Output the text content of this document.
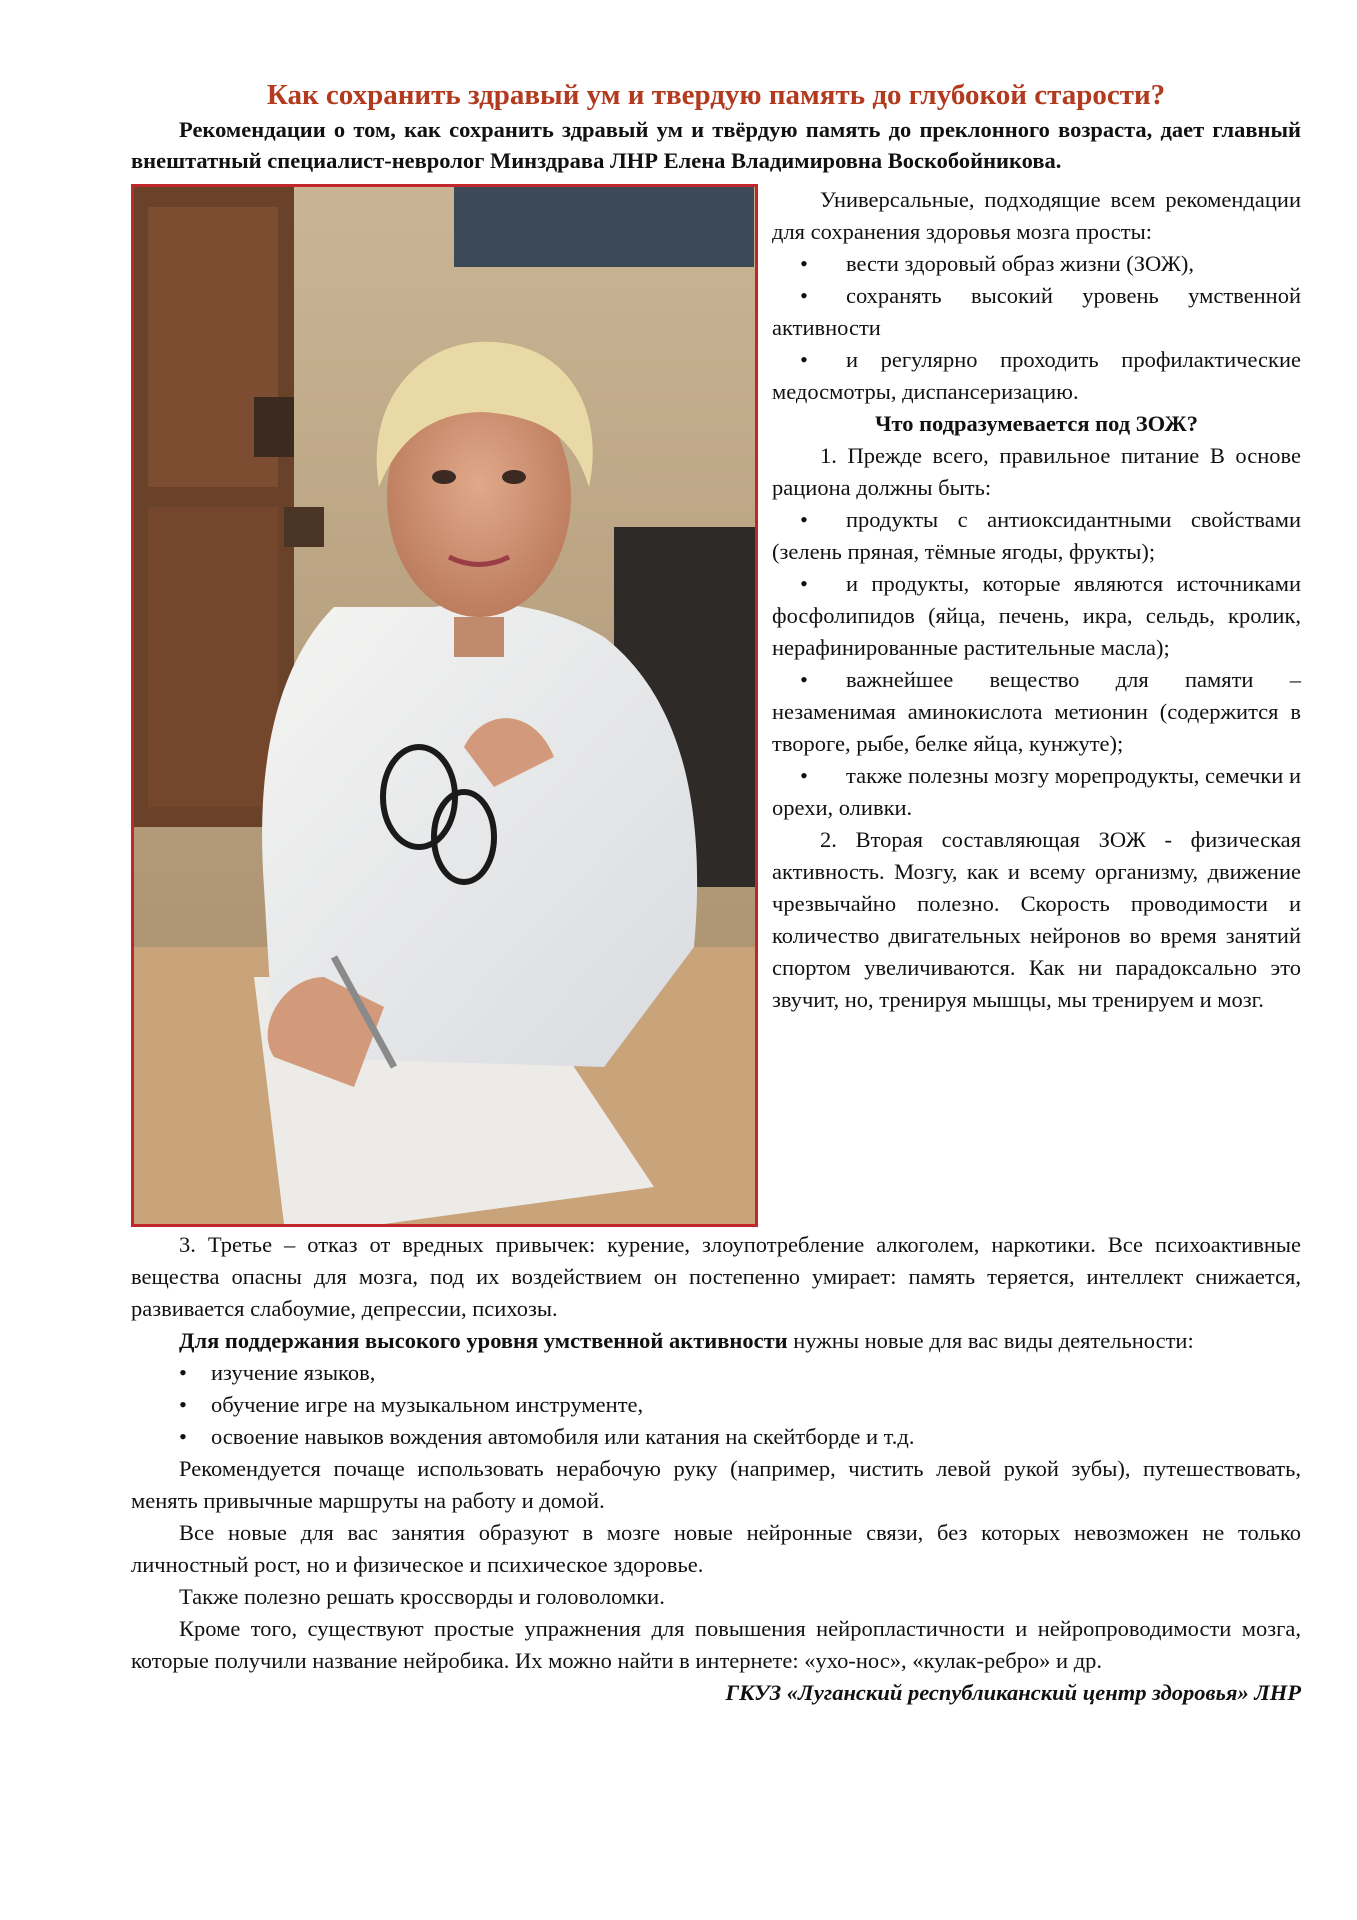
Как сохранить здравый ум и твердую память до глубокой старости?

Рекомендации о том, как сохранить здравый ум и твёрдую память до преклонного возраста, дает главный внештатный специалист-невролог Минздрава ЛНР Елена Владимировна Воскобойникова.

Универсальные, подходящие всем рекомендации для сохранения здоровья мозга просты:

• вести здоровый образ жизни (ЗОЖ),

• сохранять высокий уровень умственной активности

• и регулярно проходить профилактические медосмотры, диспансеризацию.

Что подразумевается под ЗОЖ?

1. Прежде всего, правильное питание В основе рациона должны быть:

• продукты с антиоксидантными свойствами (зелень пряная, тёмные ягоды, фрукты);

• и продукты, которые являются источниками фосфолипидов (яйца, печень, икра, сельдь, кролик, нерафинированные растительные масла);

• важнейшее вещество для памяти – незаменимая аминокислота метионин (содержится в твороге, рыбе, белке яйца, кунжуте);

• также полезны мозгу морепродукты, семечки и орехи, оливки.

2. Вторая составляющая ЗОЖ - физическая активность. Мозгу, как и всему организму, движение чрезвычайно полезно. Скорость проводимости и количество двигательных нейронов во время занятий спортом увеличиваются. Как ни парадоксально это звучит, но, тренируя мышцы, мы тренируем и мозг.

3. Третье – отказ от вредных привычек: курение, злоупотребление алкоголем, наркотики. Все психоактивные вещества опасны для мозга, под их воздействием он постепенно умирает: память теряется, интеллект снижается, развивается слабоумие, депрессии, психозы.

Для поддержания высокого уровня умственной активности нужны новые для вас виды деятельности:

• изучение языков,
• обучение игре на музыкальном инструменте,
• освоение навыков вождения автомобиля или катания на скейтборде и т.д.

Рекомендуется почаще использовать нерабочую руку (например, чистить левой рукой зубы), путешествовать, менять привычные маршруты на работу и домой.

Все новые для вас занятия образуют в мозге новые нейронные связи, без которых невозможен не только личностный рост, но и физическое и психическое здоровье.

Также полезно решать кроссворды и головоломки.

Кроме того, существуют простые упражнения для повышения нейропластичности и нейропроводимости мозга, которые получили название нейробика. Их можно найти в интернете: «ухо-нос», «кулак-ребро» и др.

ГКУЗ «Луганский республиканский центр здоровья» ЛНР
